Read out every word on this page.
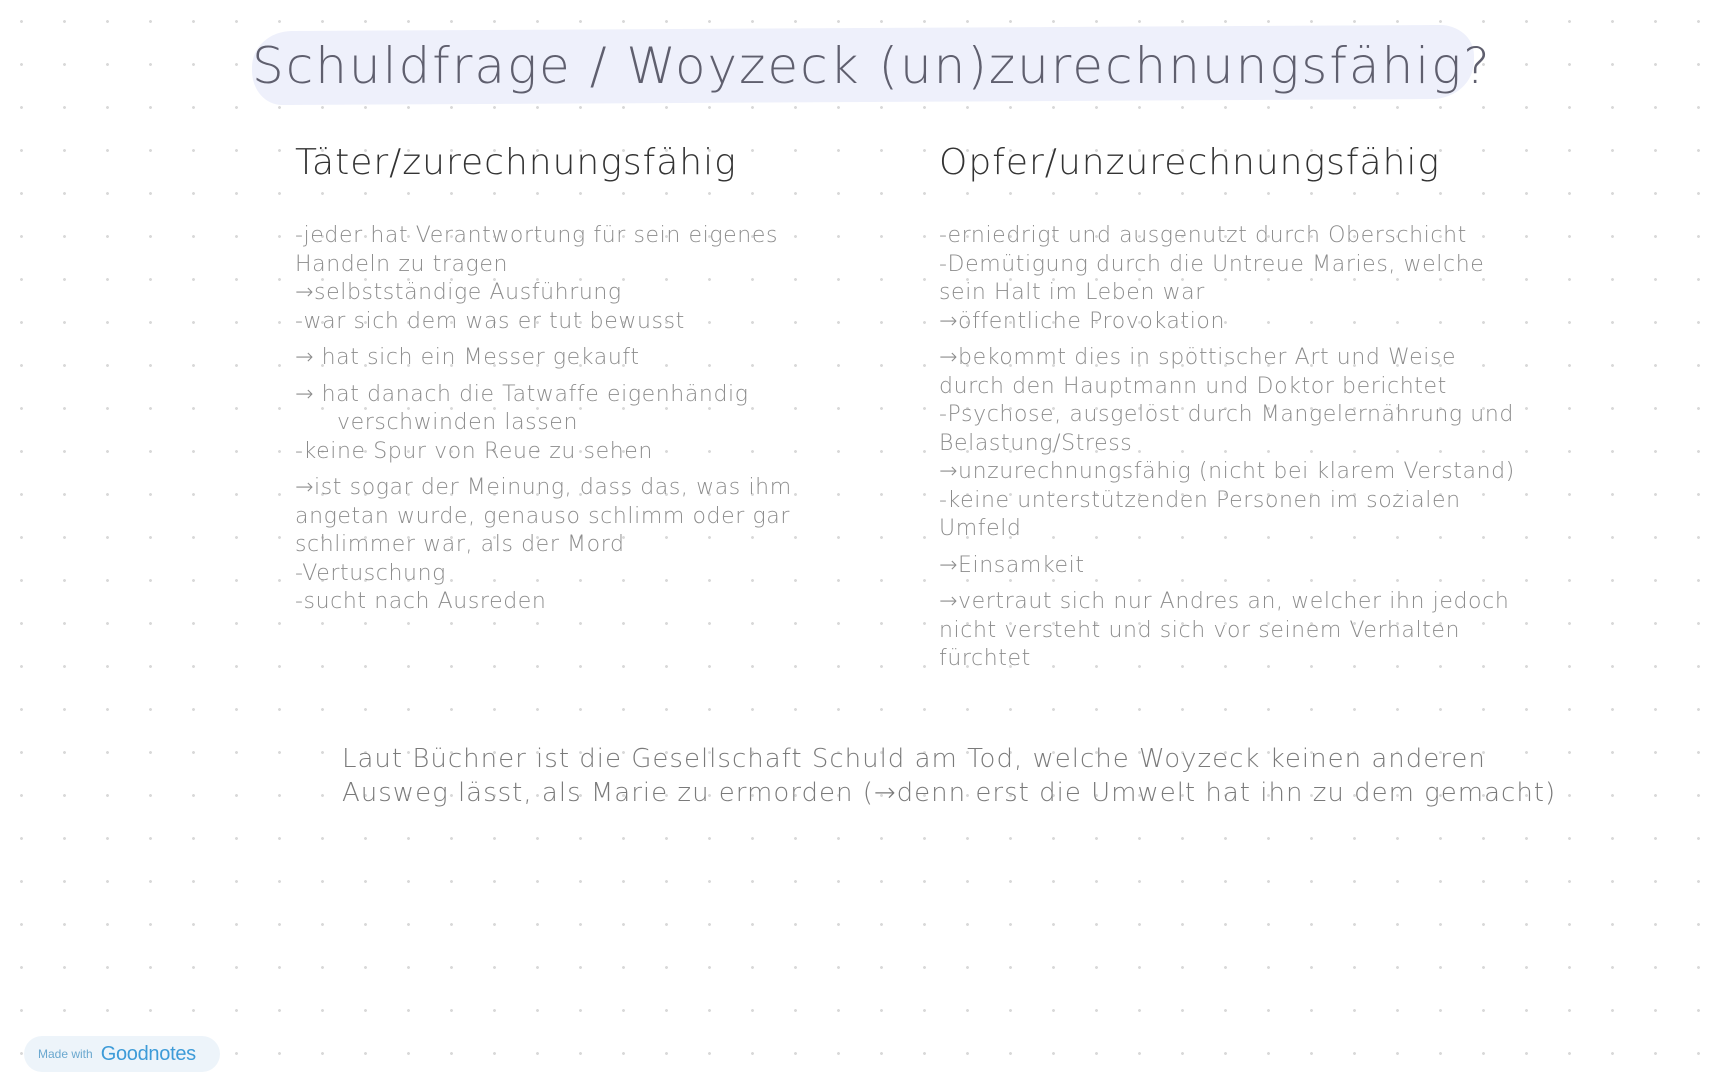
Schuldfrage / Woyzeck (un)zurechnungsfähig?
Täter/zurechnungsfähig

-jeder hat Verantwortung für sein eigenes

Handeln zu tragen

→selbstständige Ausführung

-war sich dem was er tut bewusst

→ hat sich ein Messer gekauft

→ hat danach die Tatwaffe eigenhändig

verschwinden lassen

-keine Spur von Reue zu sehen

→ist sogar der Meinung, dass das, was ihm

angetan wurde, genauso schlimm oder gar

schlimmer war, als der Mord

-Vertuschung

-sucht nach Ausreden

Opfer/unzurechnungsfähig

-erniedrigt und ausgenutzt durch Oberschicht

-Demütigung durch die Untreue Maries, welche

sein Halt im Leben war

→öffentliche Provokation

→bekommt dies in spöttischer Art und Weise

durch den Hauptmann und Doktor berichtet

-Psychose, ausgelöst durch Mangelernährung und

Belastung/Stress

→unzurechnungsfähig (nicht bei klarem Verstand)

-keine unterstützenden Personen im sozialen

Umfeld

→Einsamkeit

→vertraut sich nur Andres an, welcher ihn jedoch

nicht versteht und sich vor seinem Verhalten

fürchtet

Laut Büchner ist die Gesellschaft Schuld am Tod, welche Woyzeck keinen anderen

Ausweg lässt, als Marie zu ermorden (→denn erst die Umwelt hat ihn zu dem gemacht)

Made with Goodnotes
